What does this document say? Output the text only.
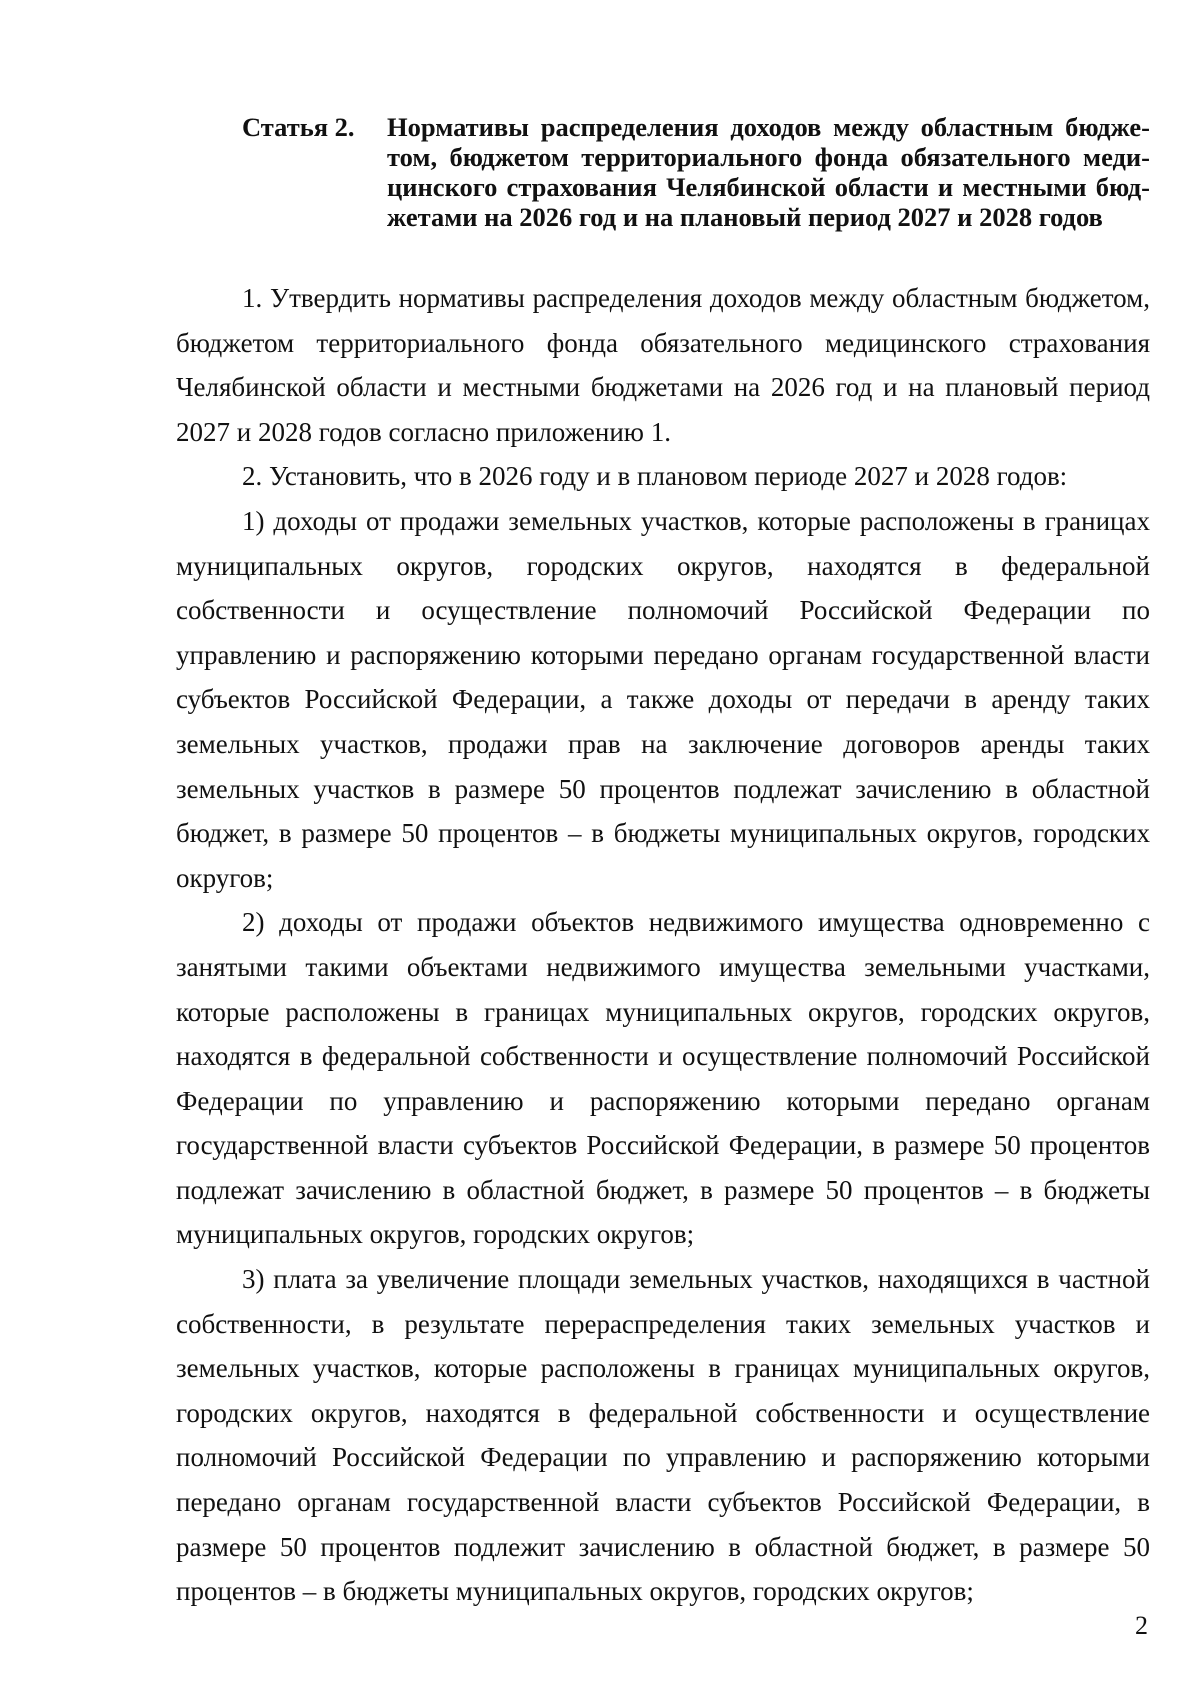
Статья 2.	Нормативы распределения доходов между областным бюджетом, бюджетом территориального фонда обязательного медицинского страхования Челябинской области и местными бюджетами на 2026 год и на плановый период 2027 и 2028 годов

1. Утвердить нормативы распределения доходов между областным бюджетом, бюджетом территориального фонда обязательного медицинского страхования Челябинской области и местными бюджетами на 2026 год и на плановый период 2027 и 2028 годов согласно приложению 1.

2. Установить, что в 2026 году и в плановом периоде 2027 и 2028 годов:

1) доходы от продажи земельных участков, которые расположены в границах муниципальных округов, городских округов, находятся в федеральной собственности и осуществление полномочий Российской Федерации по управлению и распоряжению которыми передано органам государственной власти субъектов Российской Федерации, а также доходы от передачи в аренду таких земельных участков, продажи прав на заключение договоров аренды таких земельных участков в размере 50 процентов подлежат зачислению в областной бюджет, в размере 50 процентов – в бюджеты муниципальных округов, городских округов;

2) доходы от продажи объектов недвижимого имущества одновременно с занятыми такими объектами недвижимого имущества земельными участками, которые расположены в границах муниципальных округов, городских округов, находятся в федеральной собственности и осуществление полномочий Российской Федерации по управлению и распоряжению которыми передано органам государственной власти субъектов Российской Федерации, в размере 50 процентов подлежат зачислению в областной бюджет, в размере 50 процентов – в бюджеты муниципальных округов, городских округов;

3) плата за увеличение площади земельных участков, находящихся в частной собственности, в результате перераспределения таких земельных участков и земельных участков, которые расположены в границах муниципальных округов, городских округов, находятся в федеральной собственности и осуществление полномочий Российской Федерации по управлению и распоряжению которыми передано органам государственной власти субъектов Российской Федерации, в размере 50 процентов подлежит зачислению в областной бюджет, в размере 50 процентов – в бюджеты муниципальных округов, городских округов;

2
